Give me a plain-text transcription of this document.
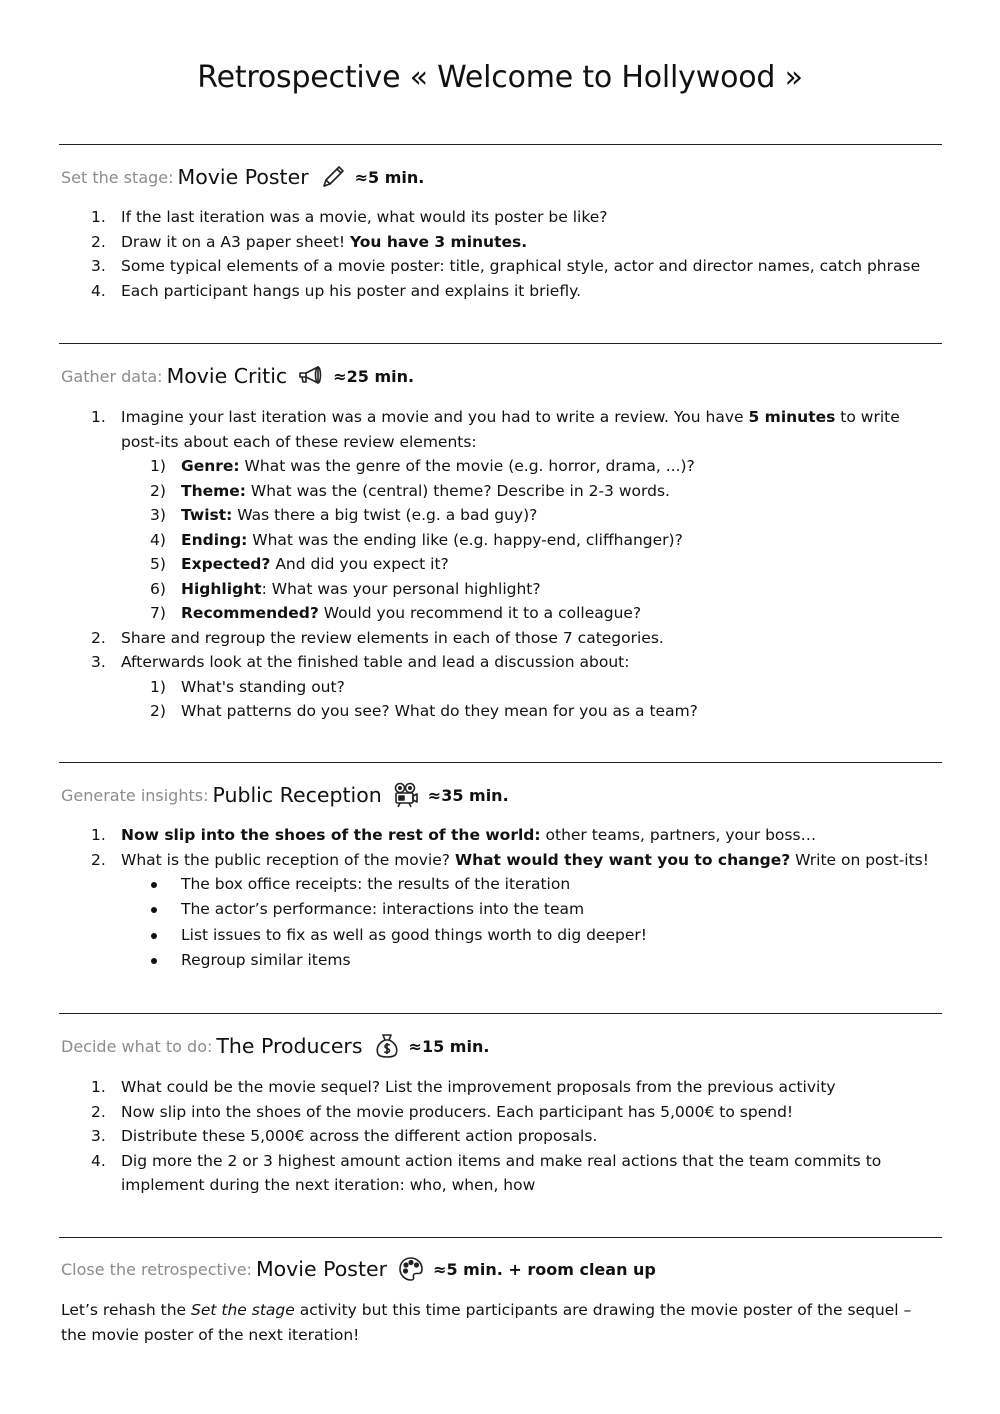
Retrospective « Welcome to Hollywood »
Set the stage: Movie Poster	≈5 min.
1. If the last iteration was a movie, what would its poster be like?
2. Draw it on a A3 paper sheet! You have 3 minutes.
3. Some typical elements of a movie poster: title, graphical style, actor and director names, catch phrase
4. Each participant hangs up his poster and explains it briefly.
Gather data: Movie Critic	≈25 min.
1. Imagine your last iteration was a movie and you had to write a review. You have 5 minutes to write post-its about each of these review elements:
1) Genre: What was the genre of the movie (e.g. horror, drama, ...)?
2) Theme: What was the (central) theme? Describe in 2-3 words.
3) Twist: Was there a big twist (e.g. a bad guy)?
4) Ending: What was the ending like (e.g. happy-end, cliffhanger)?
5) Expected? And did you expect it?
6) Highlight: What was your personal highlight?
7) Recommended? Would you recommend it to a colleague?
2. Share and regroup the review elements in each of those 7 categories.
3. Afterwards look at the finished table and lead a discussion about:
1) What's standing out?
2) What patterns do you see? What do they mean for you as a team?
Generate insights: Public Reception	≈35 min.
1. Now slip into the shoes of the rest of the world: other teams, partners, your boss…
2. What is the public reception of the movie? What would they want you to change? Write on post-its!
The box office receipts: the results of the iteration
The actor’s performance: interactions into the team
List issues to fix as well as good things worth to dig deeper!
Regroup similar items
Decide what to do: The Producers	≈15 min.
1. What could be the movie sequel? List the improvement proposals from the previous activity
2. Now slip into the shoes of the movie producers. Each participant has 5,000€ to spend!
3. Distribute these 5,000€ across the different action proposals.
4. Dig more the 2 or 3 highest amount action items and make real actions that the team commits to implement during the next iteration: who, when, how
Close the retrospective: Movie Poster	≈5 min. + room clean up

Let’s rehash the Set the stage activity but this time participants are drawing the movie poster of the sequel – the movie poster of the next iteration!
